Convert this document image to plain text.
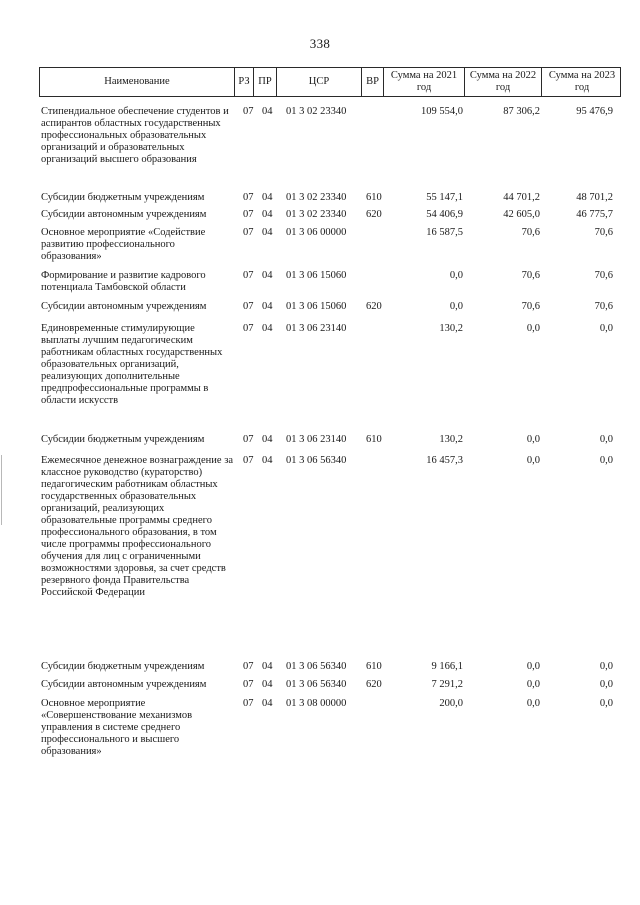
338
Наименование	РЗ ПР	ЦСР	ВР
Сумма на 2021 год
Сумма на 2022 год
Сумма на 2023 год
Стипендиальное обеспечение студентов и аспирантов областных государственных профессиональных образовательных организаций и образовательных организаций высшего образования
07 04 01 3 02 23340	109 554,0	87 306,2	95 476,9
Субсидии бюджетным учреждениям	07 04 01 3 02 23340 610	55 147,1	44 701,2	48 701,2
Субсидии автономным учреждениям	07 04 01 3 02 23340 620	54 406,9	42 605,0	46 775,7
Основное мероприятие «Содействие развитию профессионального образования»
07 04 01 3 06 00000	16 587,5	70,6	70,6
Формирование и развитие кадрового потенциала Тамбовской области
07 04 01 3 06 15060	0,0	70,6	70,6
Субсидии автономным учреждениям	07 04 01 3 06 15060 620	0,0	70,6	70,6
Единовременные стимулирующие выплаты лучшим педагогическим работникам областных государственных образовательных организаций, реализующих дополнительные предпрофессиональные программы в области искусств
07 04 01 3 06 23140	130,2	0,0	0,0
Субсидии бюджетным учреждениям	07 04 01 3 06 23140 610	130,2	0,0	0,0
Ежемесячное денежное вознаграждение за классное руководство (кураторство) педагогическим работникам областных государственных образовательных организаций, реализующих образовательные программы среднего профессионального образования, в том числе программы профессионального обучения для лиц с ограниченными возможностями здоровья, за счет средств резервного фонда Правительства Российской Федерации
07 04 01 3 06 56340	16 457,3	0,0	0,0
Субсидии бюджетным учреждениям	07 04 01 3 06 56340 610	9 166,1	0,0	0,0
Субсидии автономным учреждениям	07 04 01 3 06 56340 620	7 291,2	0,0	0,0
Основное мероприятие «Совершенствование механизмов управления в системе среднего профессионального и высшего образования»
07 04 01 3 08 00000	200,0	0,0	0,0
